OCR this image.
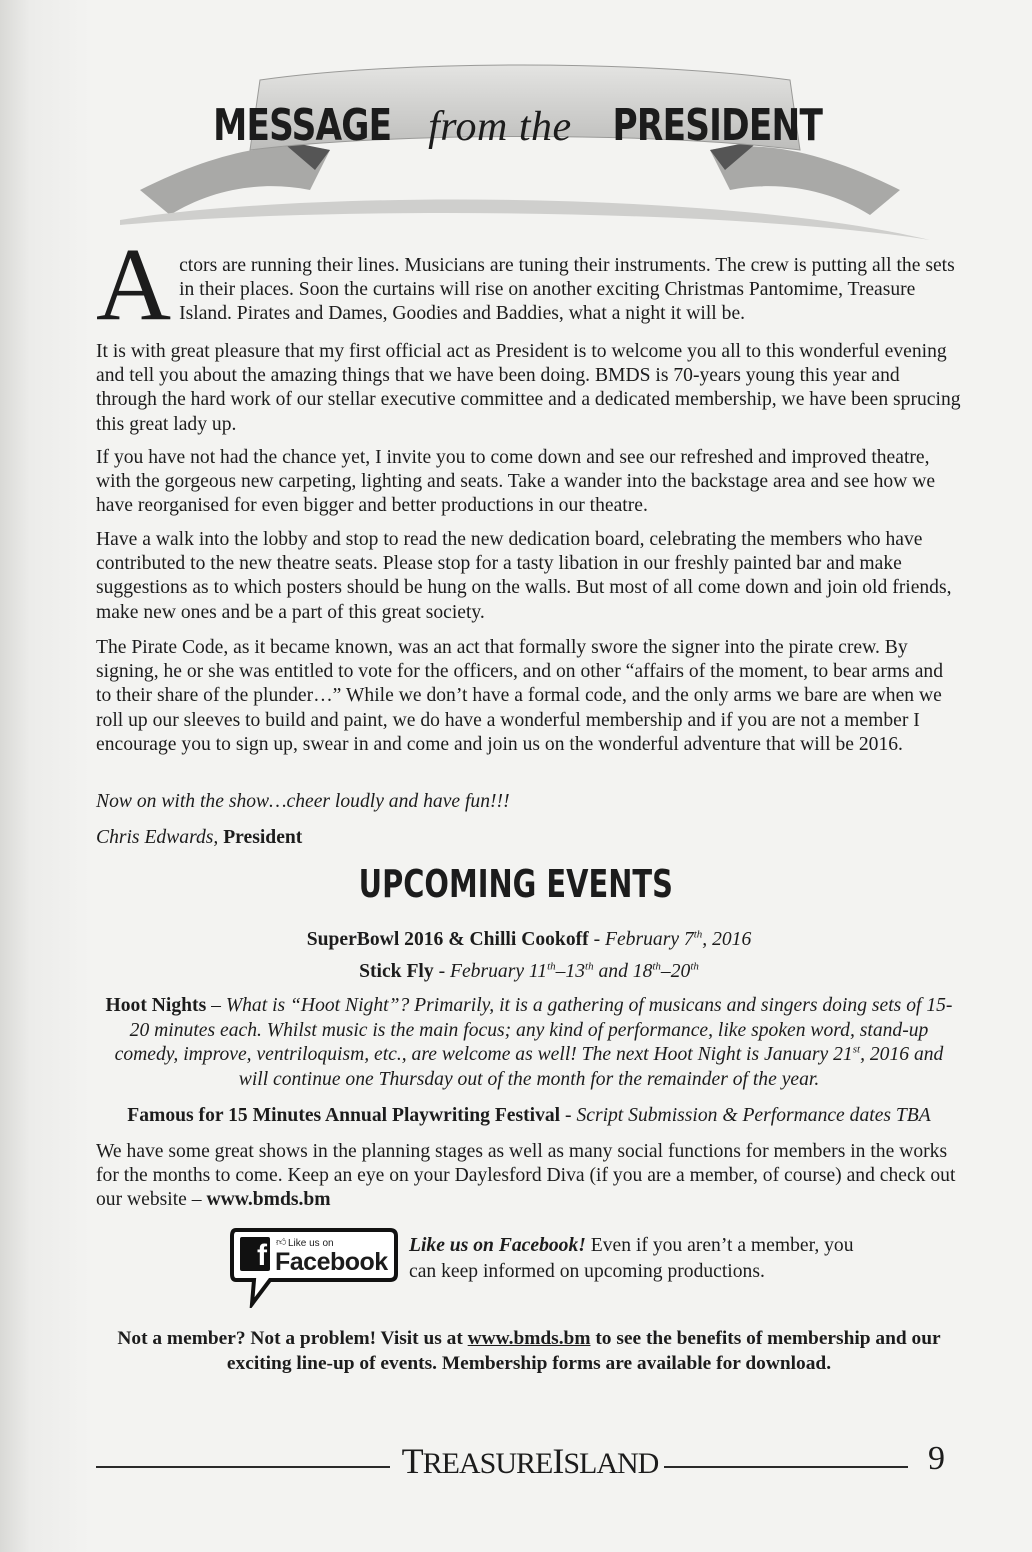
MESSAGE from the PRESIDENT
A ctors are running their lines. Musicians are tuning their instruments. The crew is putting all the sets in their places. Soon the curtains will rise on another exciting Christmas Pantomime, Treasure Island. Pirates and Dames, Goodies and Baddies, what a night it will be.

It is with great pleasure that my first official act as President is to welcome you all to this wonderful evening and tell you about the amazing things that we have been doing. BMDS is 70-years young this year and through the hard work of our stellar executive committee and a dedicated membership, we have been sprucing this great lady up.

If you have not had the chance yet, I invite you to come down and see our refreshed and improved theatre, with the gorgeous new carpeting, lighting and seats. Take a wander into the backstage area and see how we have reorganised for even bigger and better productions in our theatre.

Have a walk into the lobby and stop to read the new dedication board, celebrating the members who have contributed to the new theatre seats. Please stop for a tasty libation in our freshly painted bar and make suggestions as to which posters should be hung on the walls. But most of all come down and join old friends, make new ones and be a part of this great society.

The Pirate Code, as it became known, was an act that formally swore the signer into the pirate crew. By signing, he or she was entitled to vote for the officers, and on other “affairs of the moment, to bear arms and to their share of the plunder…” While we don’t have a formal code, and the only arms we bare are when we roll up our sleeves to build and paint, we do have a wonderful membership and if you are not a member I encourage you to sign up, swear in and come and join us on the wonderful adventure that will be 2016.

Now on with the show…cheer loudly and have fun!!!

Chris Edwards, President

UPCOMING EVENTS
SuperBowl 2016 & Chilli Cookoff - February 7th, 2016
Stick Fly - February 11th–13th and 18th–20th
Hoot Nights – What is “Hoot Night”? Primarily, it is a gathering of musicans and singers doing sets of 15-20 minutes each. Whilst music is the main focus; any kind of performance, like spoken word, stand-up comedy, improve, ventriloquism, etc., are welcome as well! The next Hoot Night is January 21st, 2016 and will continue one Thursday out of the month for the remainder of the year.
Famous for 15 Minutes Annual Playwriting Festival - Script Submission & Performance dates TBA

We have some great shows in the planning stages as well as many social functions for members in the works for the months to come. Keep an eye on your Daylesford Diva (if you are a member, of course) and check out our website – www.bmds.bm

f 👍︎ Like us on
Facebook

Like us on Facebook! Even if you aren’t a member, you can keep informed on upcoming productions.

Not a member? Not a problem! Visit us at www.bmds.bm to see the benefits of membership and our exciting line-up of events. Membership forms are available for download.

TREASUREISLAND	9
